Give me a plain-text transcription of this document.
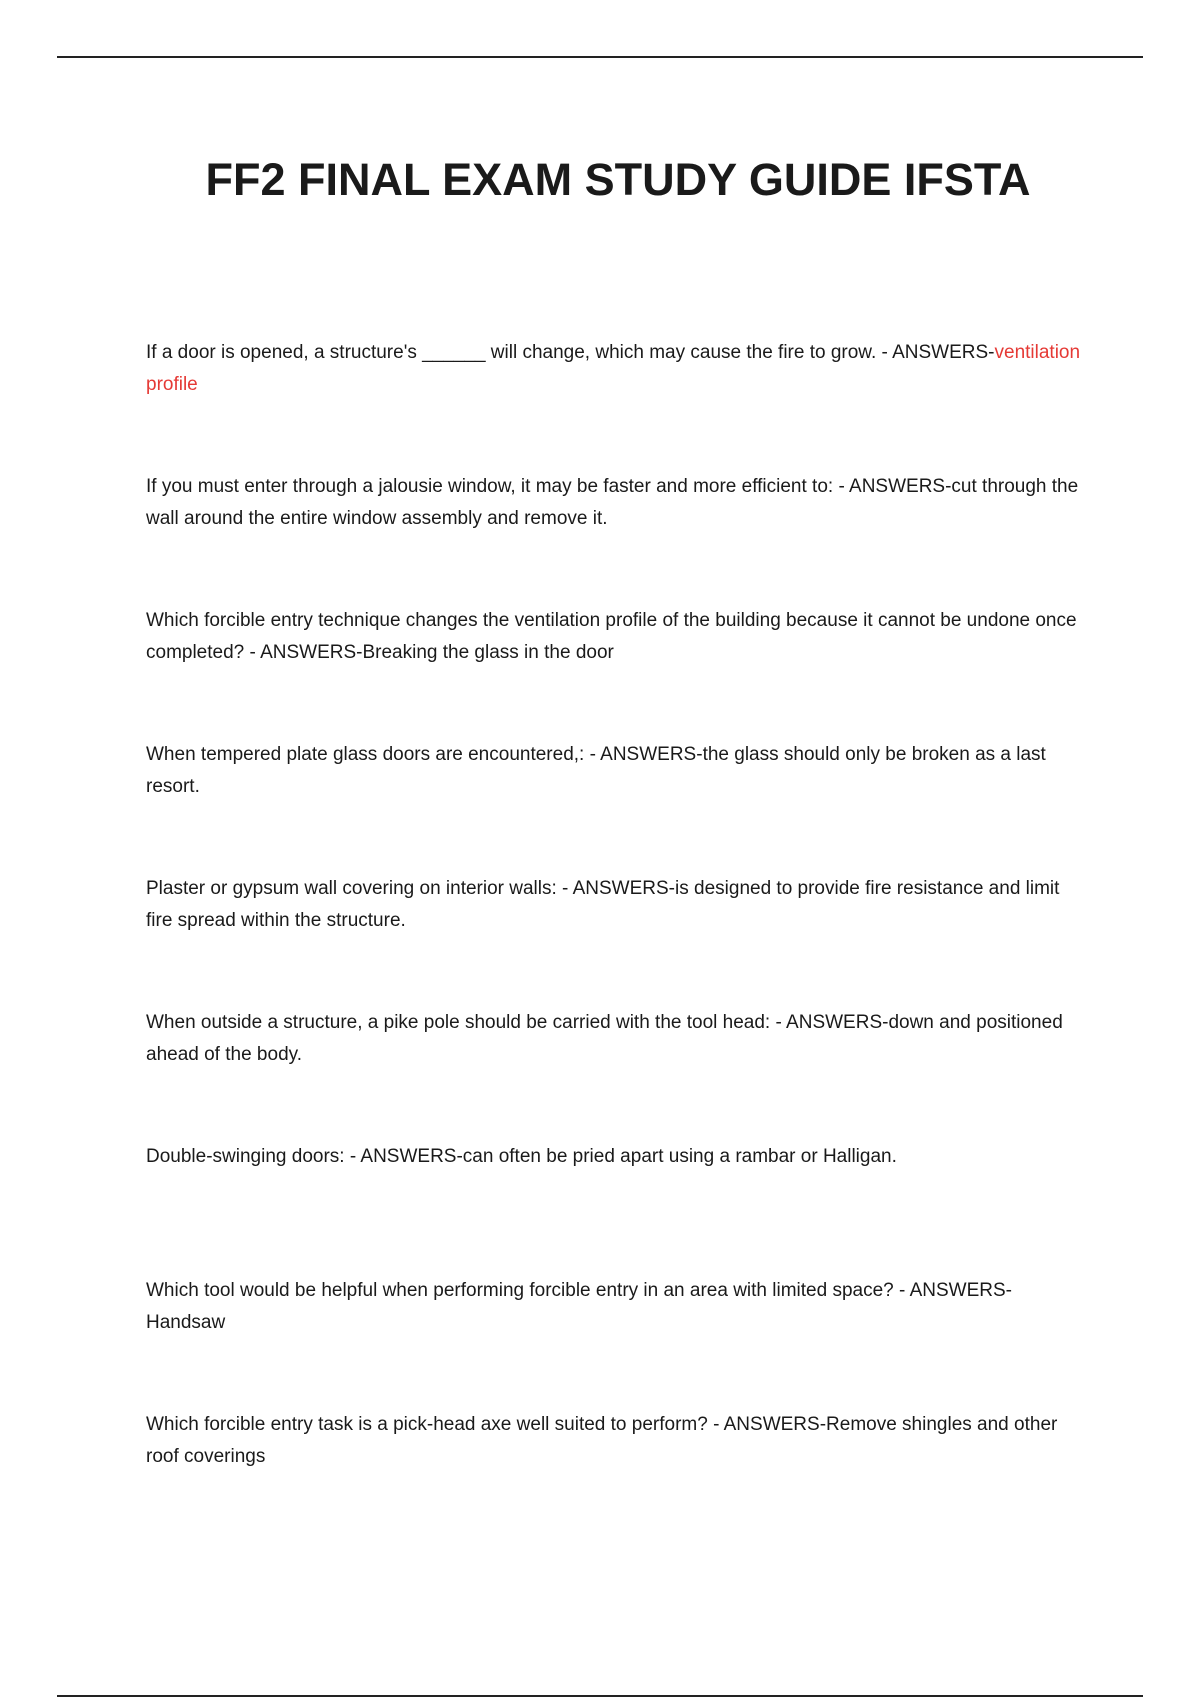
FF2 FINAL EXAM STUDY GUIDE IFSTA
If a door is opened, a structure's ______ will change, which may cause the fire to grow. - ANSWERS-ventilation profile
If you must enter through a jalousie window, it may be faster and more efficient to: - ANSWERS-cut through the wall around the entire window assembly and remove it.
Which forcible entry technique changes the ventilation profile of the building because it cannot be undone once completed? - ANSWERS-Breaking the glass in the door
When tempered plate glass doors are encountered,: - ANSWERS-the glass should only be broken as a last resort.
Plaster or gypsum wall covering on interior walls: - ANSWERS-is designed to provide fire resistance and limit fire spread within the structure.
When outside a structure, a pike pole should be carried with the tool head: - ANSWERS-down and positioned ahead of the body.
Double-swinging doors: - ANSWERS-can often be pried apart using a rambar or Halligan.
Which tool would be helpful when performing forcible entry in an area with limited space? - ANSWERS-Handsaw
Which forcible entry task is a pick-head axe well suited to perform? - ANSWERS-Remove shingles and other roof coverings
